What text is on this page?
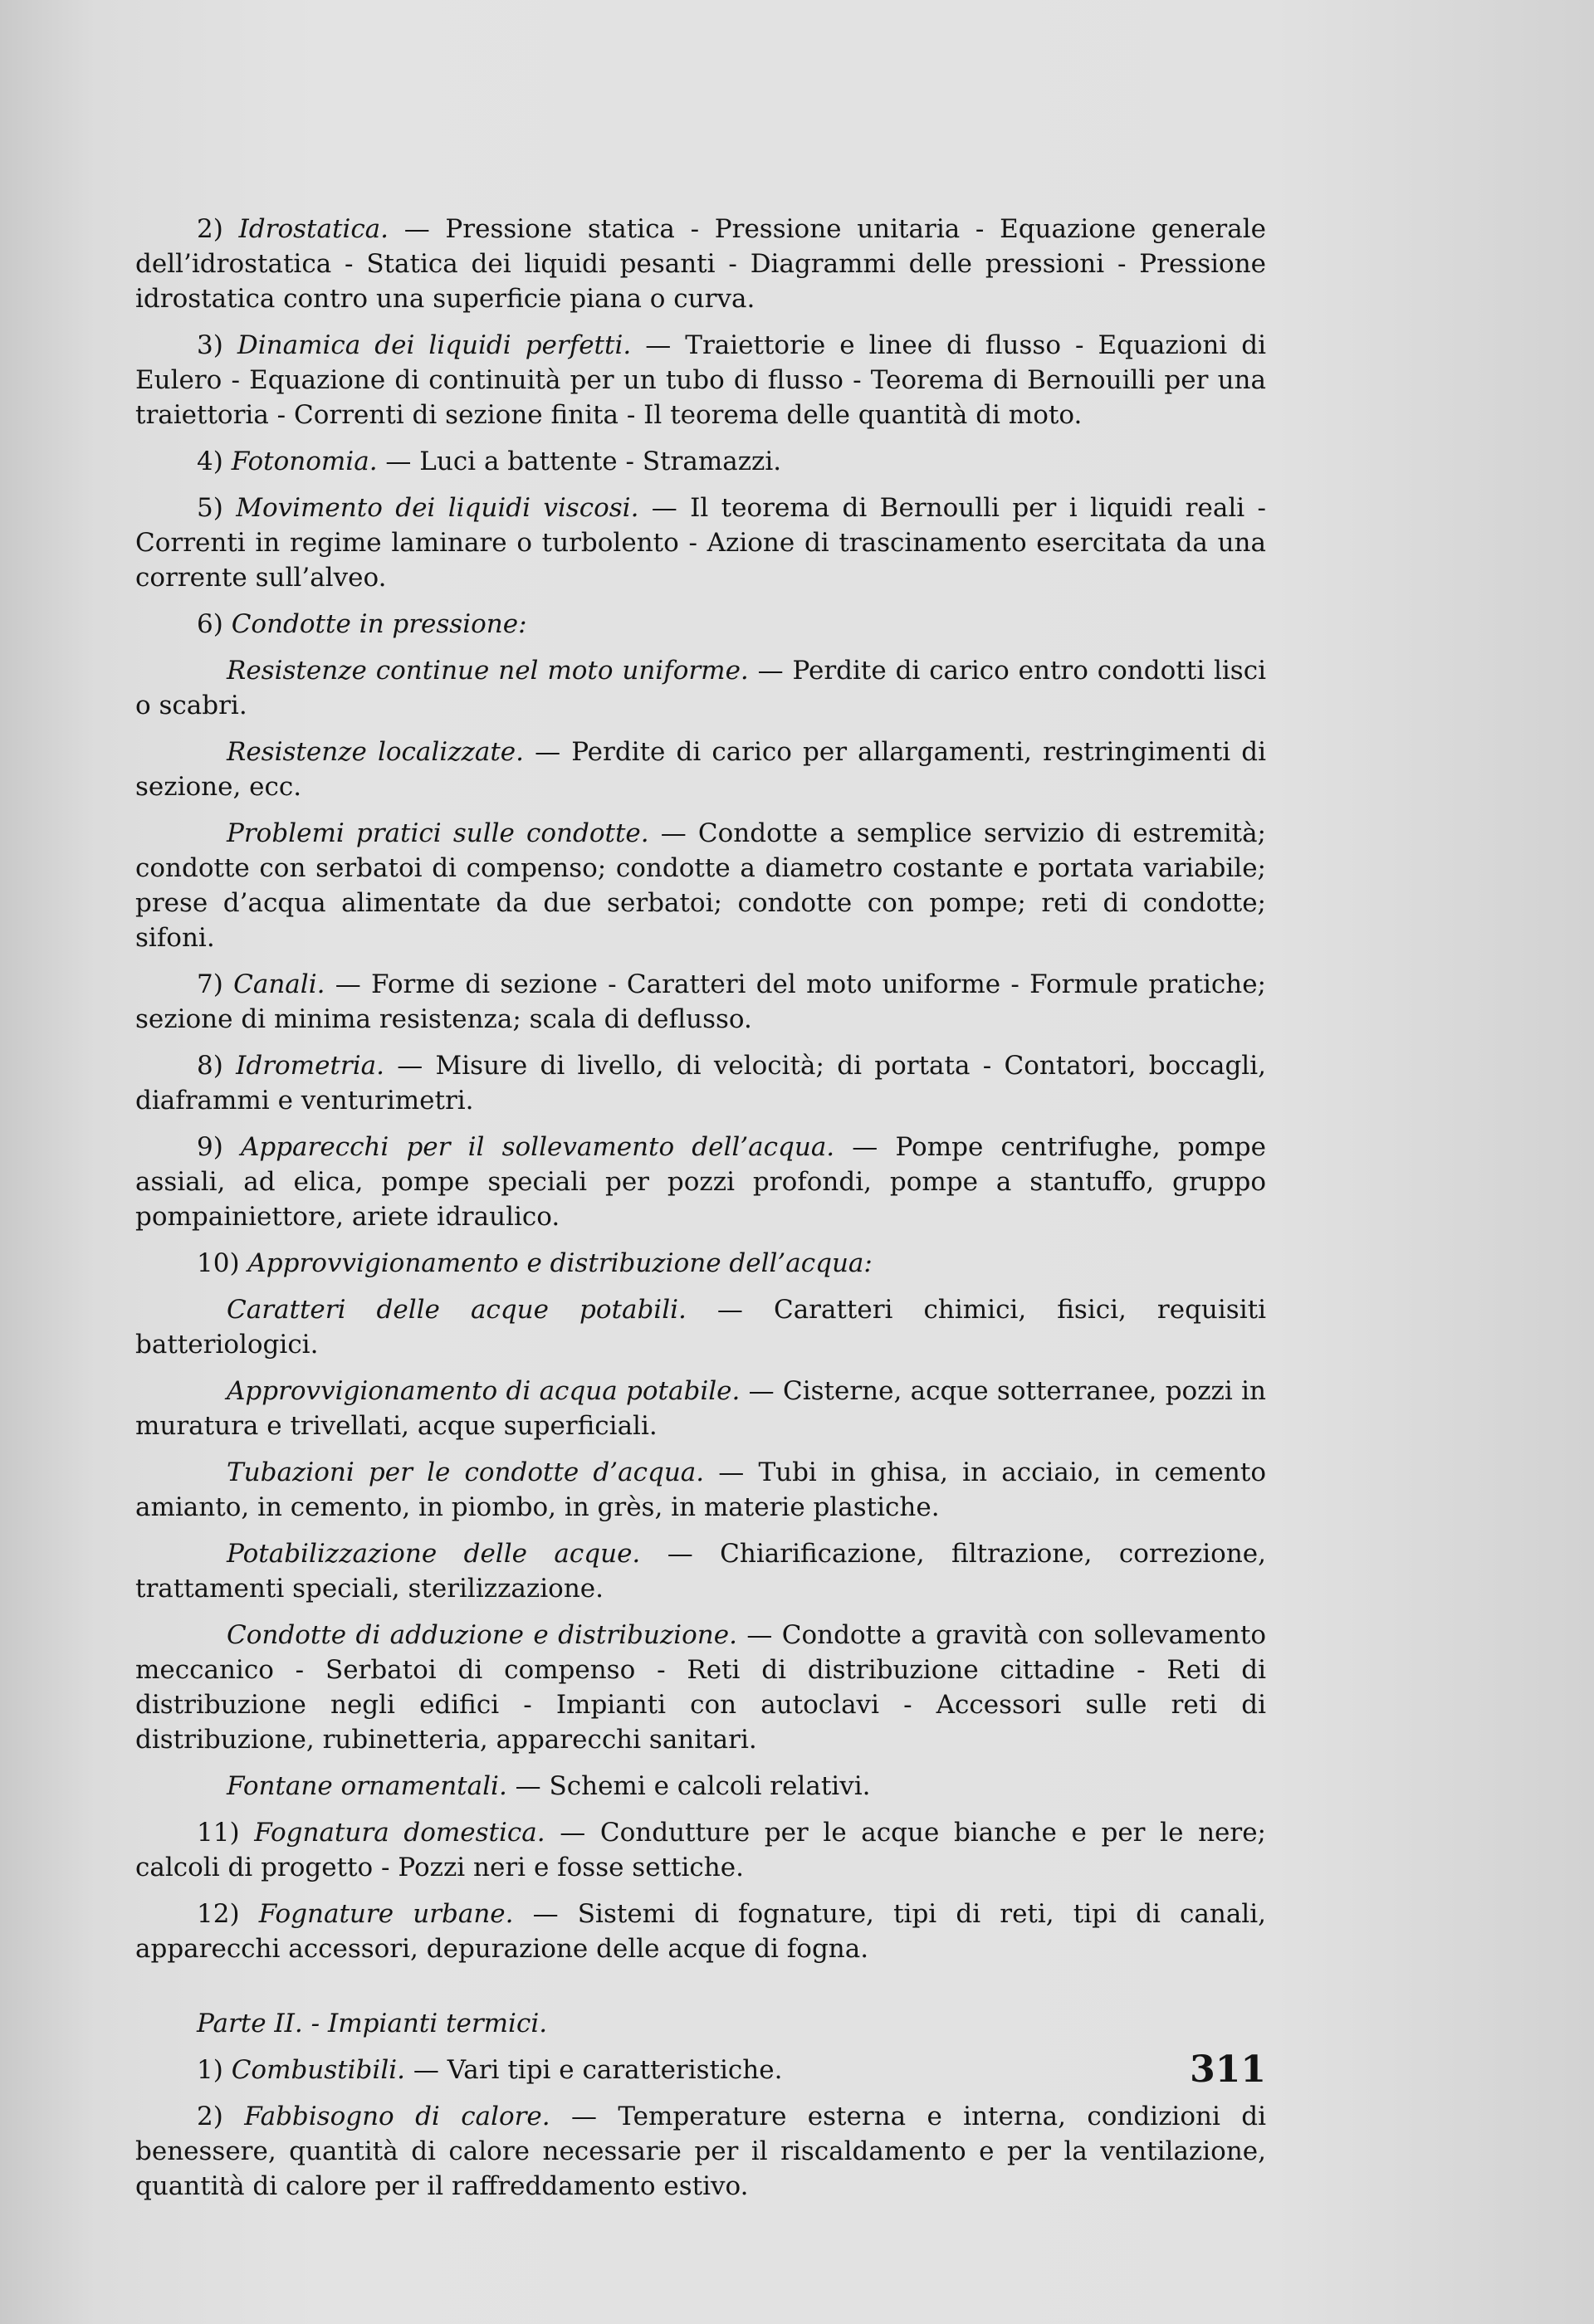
2) Idrostatica. — Pressione statica - Pressione unitaria - Equazione generale dell’idrostatica - Statica dei liquidi pesanti - Diagrammi delle pressioni - Pressione idrostatica contro una superficie piana o curva.

3) Dinamica dei liquidi perfetti. — Traiettorie e linee di flusso - Equazioni di Eulero - Equazione di continuità per un tubo di flusso - Teorema di Bernouilli per una traiettoria - Correnti di sezione finita - Il teorema delle quantità di moto.

4) Fotonomia. — Luci a battente - Stramazzi.

5) Movimento dei liquidi viscosi. — Il teorema di Bernoulli per i liquidi reali - Correnti in regime laminare o turbolento - Azione di trascinamento esercitata da una corrente sull’alveo.

6) Condotte in pressione:

Resistenze continue nel moto uniforme. — Perdite di carico entro condotti lisci o scabri.

Resistenze localizzate. — Perdite di carico per allargamenti, restringimenti di sezione, ecc.

Problemi pratici sulle condotte. — Condotte a semplice servizio di estremità; condotte con serbatoi di compenso; condotte a diametro costante e portata variabile; prese d’acqua alimentate da due serbatoi; condotte con pompe; reti di condotte; sifoni.

7) Canali. — Forme di sezione - Caratteri del moto uniforme - Formule pratiche; sezione di minima resistenza; scala di deflusso.

8) Idrometria. — Misure di livello, di velocità; di portata - Contatori, boccagli, diaframmi e venturimetri.

9) Apparecchi per il sollevamento dell’acqua. — Pompe centrifughe, pompe assiali, ad elica, pompe speciali per pozzi profondi, pompe a stantuffo, gruppo pompainiettore, ariete idraulico.

10) Approvvigionamento e distribuzione dell’acqua:

Caratteri delle acque potabili. — Caratteri chimici, fisici, requisiti batteriologici.

Approvvigionamento di acqua potabile. — Cisterne, acque sotterranee, pozzi in muratura e trivellati, acque superficiali.

Tubazioni per le condotte d’acqua. — Tubi in ghisa, in acciaio, in cemento amianto, in cemento, in piombo, in grès, in materie plastiche.

Potabilizzazione delle acque. — Chiarificazione, filtrazione, correzione, trattamenti speciali, sterilizzazione.

Condotte di adduzione e distribuzione. — Condotte a gravità con sollevamento meccanico - Serbatoi di compenso - Reti di distribuzione cittadine - Reti di distribuzione negli edifici - Impianti con autoclavi - Accessori sulle reti di distribuzione, rubinetteria, apparecchi sanitari.

Fontane ornamentali. — Schemi e calcoli relativi.

11) Fognatura domestica. — Condutture per le acque bianche e per le nere; calcoli di progetto - Pozzi neri e fosse settiche.

12) Fognature urbane. — Sistemi di fognature, tipi di reti, tipi di canali, apparecchi accessori, depurazione delle acque di fogna.

Parte II. - Impianti termici.

1) Combustibili. — Vari tipi e caratteristiche.

2) Fabbisogno di calore. — Temperature esterna e interna, condizioni di benessere, quantità di calore necessarie per il riscaldamento e per la ventilazione, quantità di calore per il raffreddamento estivo.

311
